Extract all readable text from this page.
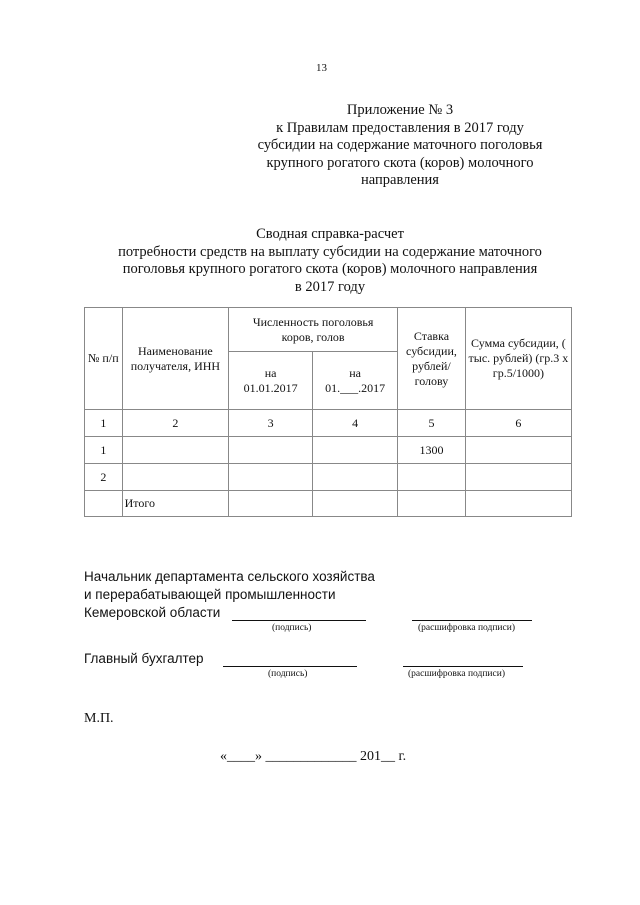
13
Приложение № 3
к Правилам предоставления в 2017 году
субсидии на содержание маточного поголовья
крупного рогатого скота (коров) молочного
направления
Сводная справка-расчет
потребности средств на выплату субсидии на содержание маточного
поголовья крупного рогатого скота (коров) молочного направления
в 2017 году
№ п/п	Наименование получателя, ИНН	Численность поголовья коров, голов		Ставка субсидии, рублей/ голову	Сумма субсидии, ( тыс. рублей) (гр.3 х гр.5/1000)
		на 01.01.2017	на 01.___.2017		
1	2	3	4	5	6
1				1300	
2					
	Итого				
Начальник департамента сельского хозяйства
и перерабатывающей промышленности
Кемеровской области
(подпись)	(расшифровка подписи)
Главный бухгалтер
(подпись)	(расшифровка подписи)
М.П.
«____» _____________ 201__ г.
